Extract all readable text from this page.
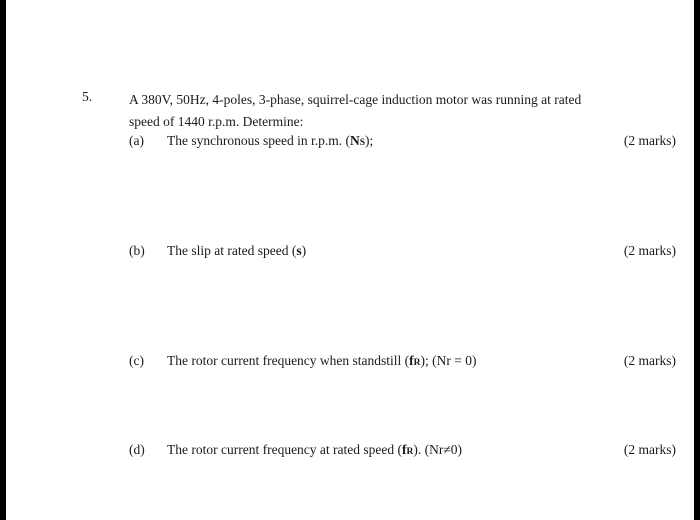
5.	A 380V, 50Hz, 4-poles, 3-phase, squirrel-cage induction motor was running at rated speed of 1440 r.p.m. Determine:
(a) The synchronous speed in r.p.m. (NS);	(2 marks)
(b) The slip at rated speed (s)	(2 marks)
(c) The rotor current frequency when standstill (fR); (Nr = 0)	(2 marks)
(d) The rotor current frequency at rated speed (fR). (Nr≠0)	(2 marks)
